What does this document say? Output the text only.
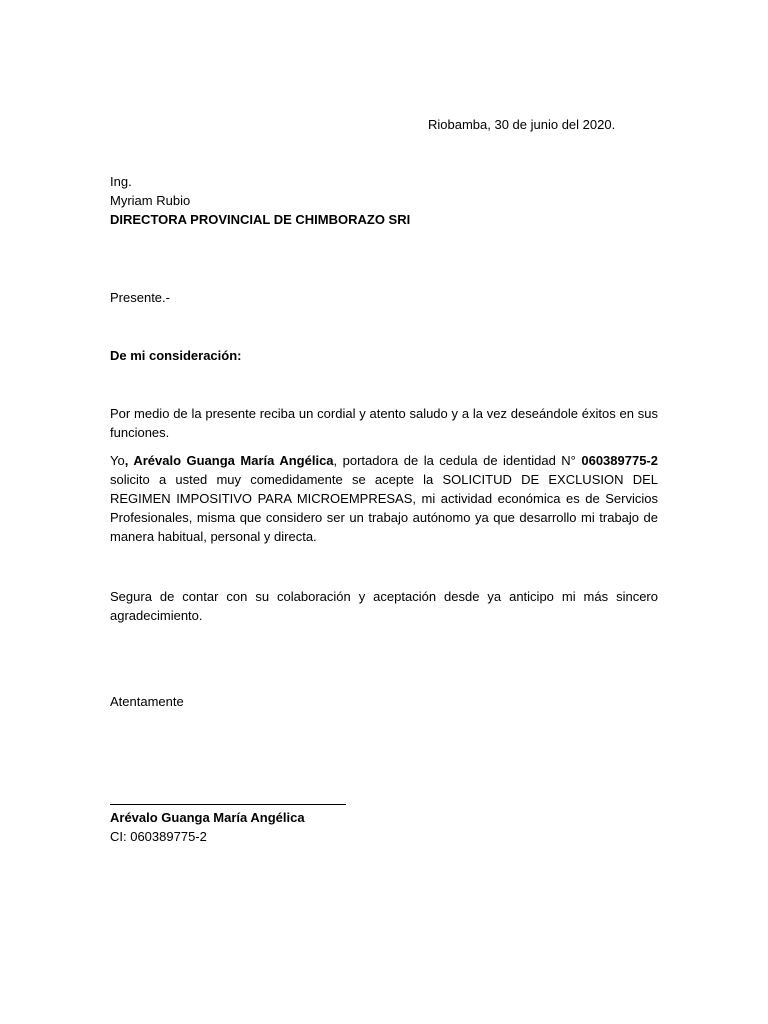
Riobamba, 30 de junio del 2020.
Ing.
Myriam Rubio
DIRECTORA PROVINCIAL DE CHIMBORAZO SRI
Presente.-
De mi consideración:

Por medio de la presente reciba un cordial y atento saludo y a la vez deseándole éxitos en sus funciones.

Yo, Arévalo Guanga María Angélica, portadora de la cedula de identidad N° 060389775-2 solicito a usted muy comedidamente se acepte la SOLICITUD DE EXCLUSION DEL REGIMEN IMPOSITIVO PARA MICROEMPRESAS, mi actividad económica es de Servicios Profesionales, misma que considero ser un trabajo autónomo ya que desarrollo mi trabajo de manera habitual, personal y directa.

Segura de contar con su colaboración y aceptación desde ya anticipo mi más sincero agradecimiento.

Atentamente
Arévalo Guanga María Angélica
CI: 060389775-2
